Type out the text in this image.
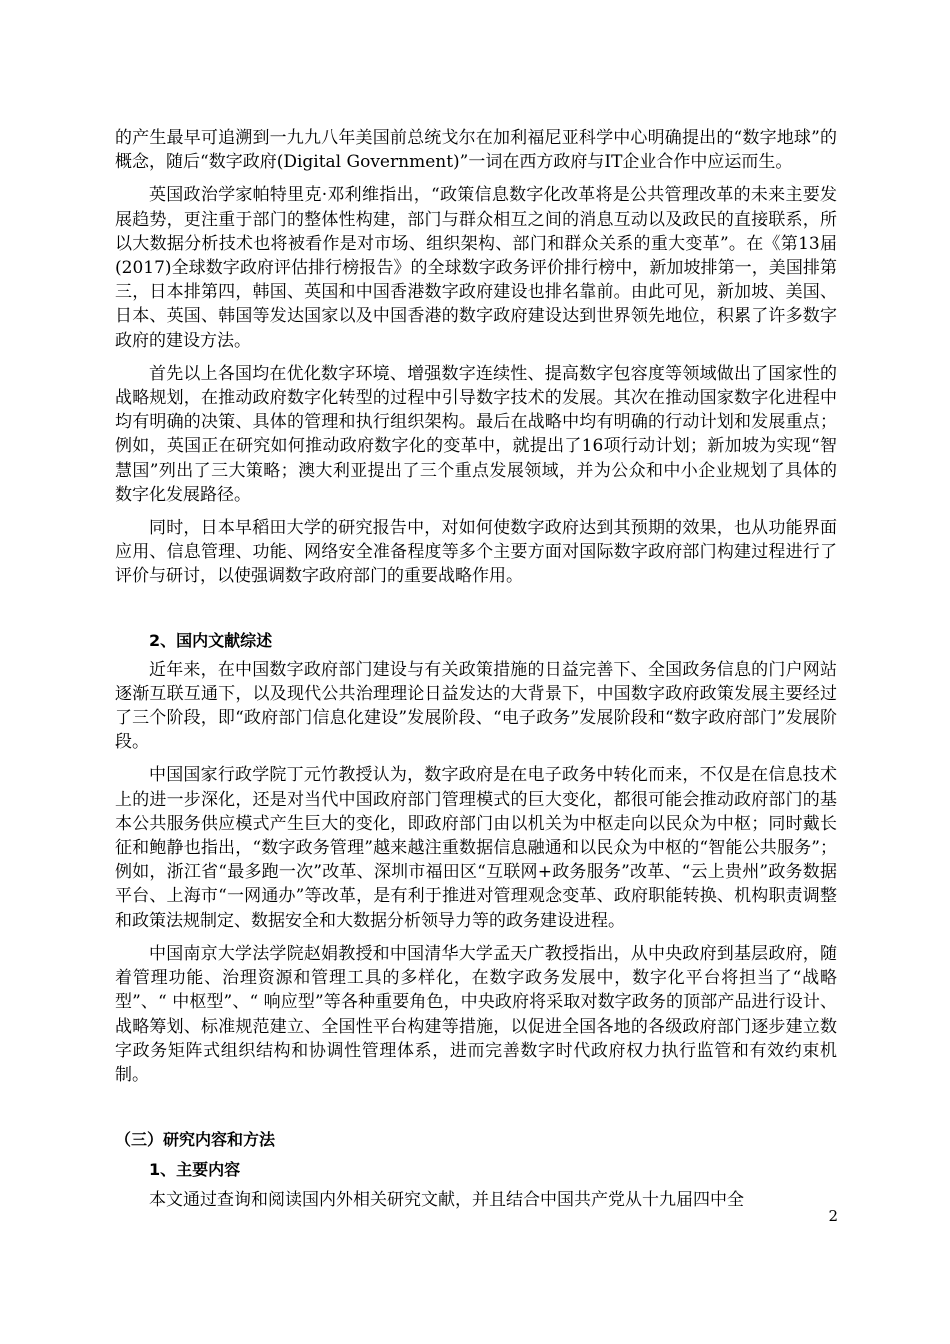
的产生最早可追溯到一九九八年美国前总统戈尔在加利福尼亚科学中心明确提出的“数字地球”的概念，随后“数字政府(Digital Government)”一词在西方政府与IT企业合作中应运而生。

英国政治学家帕特里克·邓利维指出，“政策信息数字化改革将是公共管理改革的未来主要发展趋势，更注重于部门的整体性构建，部门与群众相互之间的消息互动以及政民的直接联系，所以大数据分析技术也将被看作是对市场、组织架构、部门和群众关系的重大变革”。在《第13届(2017)全球数字政府评估排行榜报告》的全球数字政务评价排行榜中，新加坡排第一，美国排第三，日本排第四，韩国、英国和中国香港数字政府建设也排名靠前。由此可见，新加坡、美国、日本、英国、韩国等发达国家以及中国香港的数字政府建设达到世界领先地位，积累了许多数字政府的建设方法。

首先以上各国均在优化数字环境、增强数字连续性、提高数字包容度等领域做出了国家性的战略规划，在推动政府数字化转型的过程中引导数字技术的发展。其次在推动国家数字化进程中均有明确的决策、具体的管理和执行组织架构。最后在战略中均有明确的行动计划和发展重点；例如，英国正在研究如何推动政府数字化的变革中，就提出了16项行动计划；新加坡为实现“智慧国”列出了三大策略；澳大利亚提出了三个重点发展领域，并为公众和中小企业规划了具体的数字化发展路径。

同时，日本早稻田大学的研究报告中，对如何使数字政府达到其预期的效果，也从功能界面应用、信息管理、功能、网络安全准备程度等多个主要方面对国际数字政府部门构建过程进行了评价与研讨，以使强调数字政府部门的重要战略作用。

2、国内文献综述

近年来，在中国数字政府部门建设与有关政策措施的日益完善下、全国政务信息的门户网站逐渐互联互通下，以及现代公共治理理论日益发达的大背景下，中国数字政府政策发展主要经过了三个阶段，即“政府部门信息化建设”发展阶段、“电子政务”发展阶段和“数字政府部门”发展阶段。

中国国家行政学院丁元竹教授认为，数字政府是在电子政务中转化而来，不仅是在信息技术上的进一步深化，还是对当代中国政府部门管理模式的巨大变化，都很可能会推动政府部门的基本公共服务供应模式产生巨大的变化，即政府部门由以机关为中枢走向以民众为中枢；同时戴长征和鲍静也指出，“数字政务管理”越来越注重数据信息融通和以民众为中枢的“智能公共服务”；例如，浙江省“最多跑一次”改革、深圳市福田区“互联网+政务服务”改革、“云上贵州”政务数据平台、上海市“一网通办”等改革，是有利于推进对管理观念变革、政府职能转换、机构职责调整和政策法规制定、数据安全和大数据分析领导力等的政务建设进程。

中国南京大学法学院赵娟教授和中国清华大学孟天广教授指出，从中央政府到基层政府，随着管理功能、治理资源和管理工具的多样化，在数字政务发展中，数字化平台将担当了“战略型”、“ 中枢型”、“ 响应型”等各种重要角色，中央政府将采取对数字政务的顶部产品进行设计、战略筹划、标准规范建立、全国性平台构建等措施，以促进全国各地的各级政府部门逐步建立数字政务矩阵式组织结构和协调性管理体系，进而完善数字时代政府权力执行监管和有效约束机制。

（三）研究内容和方法
1、主要内容

本文通过查询和阅读国内外相关研究文献，并且结合中国共产党从十九届四中全

2
